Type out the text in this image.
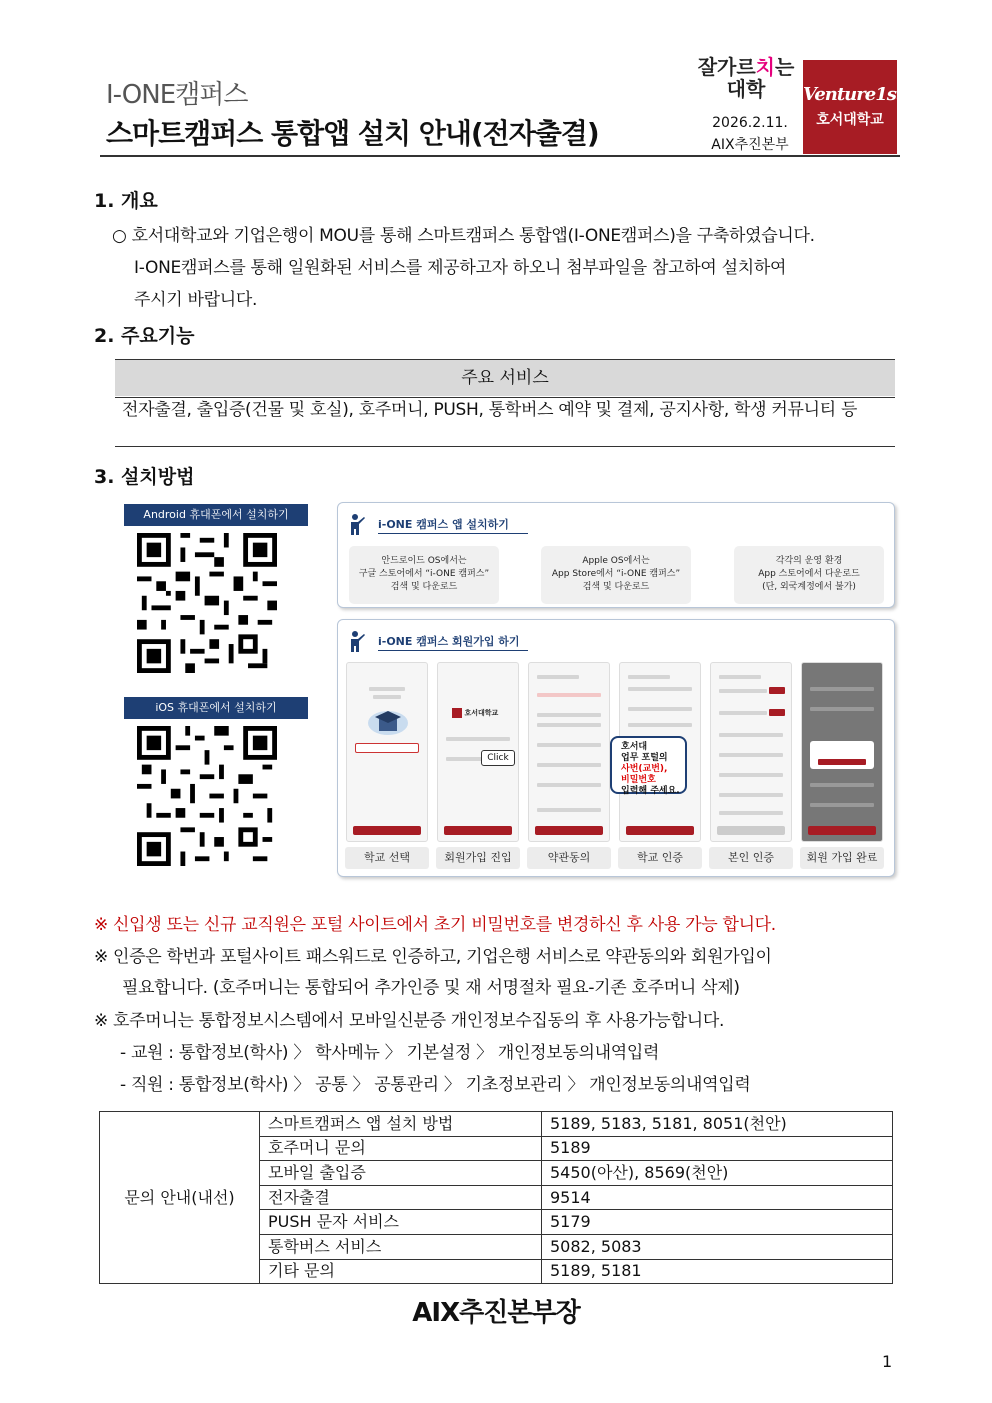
I-ONE캠퍼스
스마트캠퍼스 통합앱 설치 안내(전자출결)
잘가르치는
대학
2026.2.11.
AIX추진본부
Venture1st
호서대학교
1. 개요
○ 호서대학교와 기업은행이 MOU를 통해 스마트캠퍼스 통합앱(I-ONE캠퍼스)을 구축하였습니다.
I-ONE캠퍼스를 통해 일원화된 서비스를 제공하고자 하오니 첨부파일을 참고하여 설치하여
주시기 바랍니다.
2. 주요기능
주요 서비스
전자출결, 출입증(건물 및 호실), 호주머니, PUSH, 통학버스 예약 및 결제, 공지사항, 학생 커뮤니티 등
3. 설치방법
Android 휴대폰에서 설치하기
iOS 휴대폰에서 설치하기
i-ONE 캠퍼스 앱 설치하기
안드로이드 OS에서는
구글 스토어에서 “i-ONE 캠퍼스”
검색 및 다운로드
Apple OS에서는
App Store에서 “i-ONE 캠퍼스”
검색 및 다운로드
각각의 운영 환경
App 스토어에서 다운로드
(단, 외국계정에서 불가)
i-ONE 캠퍼스 회원가입 하기
호서대학교
Click
호서대
업무 포털의
사번(교번),
비밀번호
입력해 주세요.
학교 선택	회원가입 진입	약관동의	학교 인증	본인 인증	회원 가입 완료
※ 신입생 또는 신규 교직원은 포털 사이트에서 초기 비밀번호를 변경하신 후 사용 가능 합니다.
※ 인증은 학번과 포털사이트 패스워드로 인증하고, 기업은행 서비스로 약관동의와 회원가입이
필요합니다. (호주머니는 통합되어 추가인증 및 재 서명절차 필요-기존 호주머니 삭제)
※ 호주머니는 통합정보시스템에서 모바일신분증 개인정보수집동의 후 사용가능합니다.
- 교원 : 통합정보(학사) 〉 학사메뉴 〉 기본설정 〉 개인정보동의내역입력
- 직원 : 통합정보(학사) 〉 공통 〉 공통관리 〉 기초정보관리 〉 개인정보동의내역입력
문의 안내(내선)	스마트캠퍼스 앱 설치 방법	5189, 5183, 5181, 8051(천안)
	호주머니 문의	5189
	모바일 출입증	5450(아산), 8569(천안)
	전자출결	9514
	PUSH 문자 서비스	5179
	통학버스 서비스	5082, 5083
	기타 문의	5189, 5181
AIX추진본부장
1
